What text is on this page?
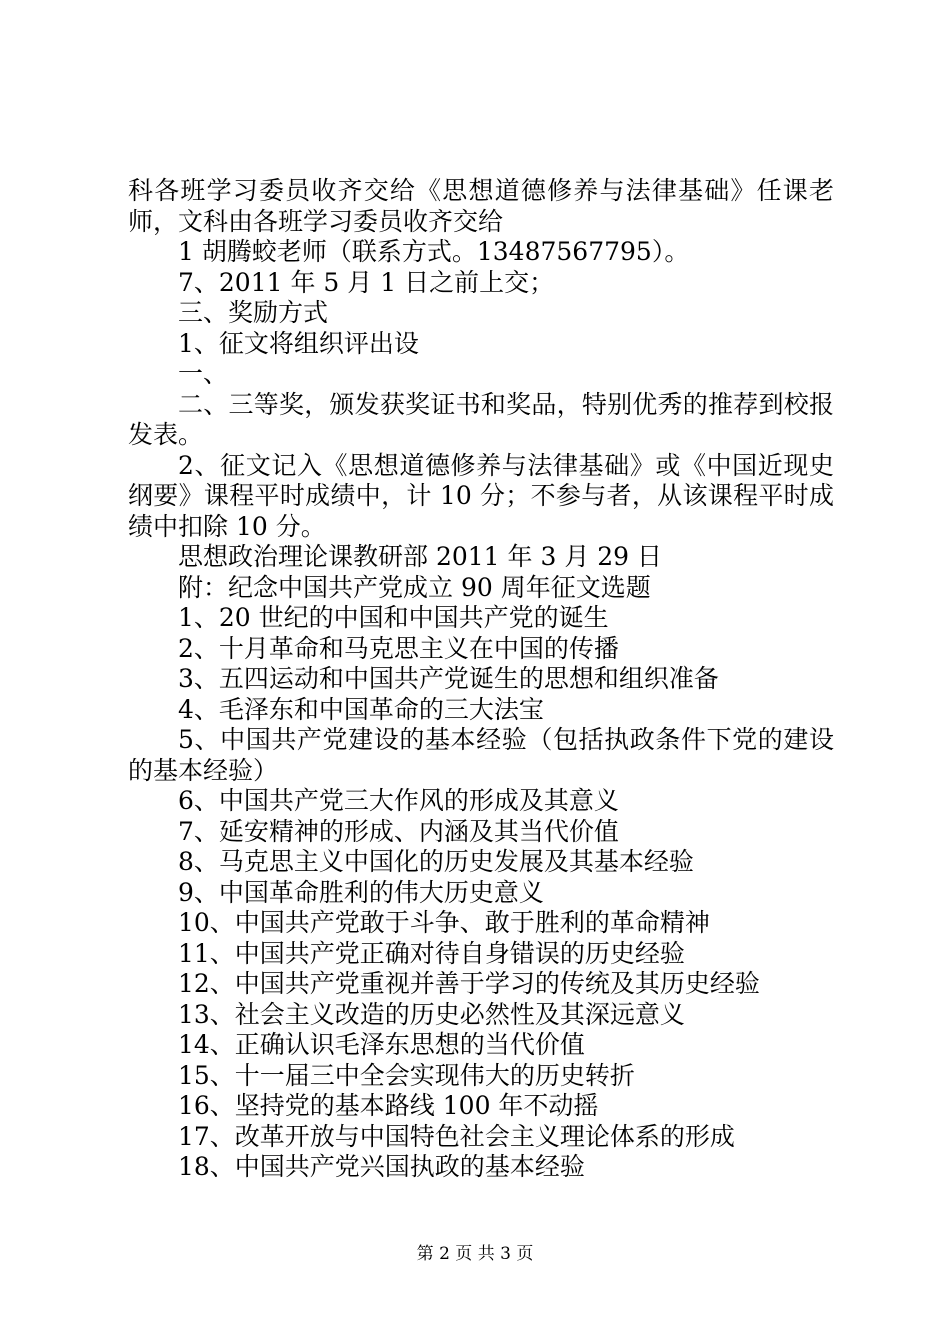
科各班学习委员收齐交给《思想道德修养与法律基础》任课老师，文科由各班学习委员收齐交给

1 胡腾蛟老师（联系方式。13487567795）。

7、2011 年 5 月 1 日之前上交；

三、奖励方式

1、征文将组织评出设

一、

二、三等奖，颁发获奖证书和奖品，特别优秀的推荐到校报发表。

2、征文记入《思想道德修养与法律基础》或《中国近现史纲要》课程平时成绩中，计 10 分；不参与者，从该课程平时成绩中扣除 10 分。

思想政治理论课教研部 2011 年 3 月 29 日

附：纪念中国共产党成立 90 周年征文选题

1、20 世纪的中国和中国共产党的诞生

2、十月革命和马克思主义在中国的传播

3、五四运动和中国共产党诞生的思想和组织准备

4、毛泽东和中国革命的三大法宝

5、中国共产党建设的基本经验（包括执政条件下党的建设的基本经验）

6、中国共产党三大作风的形成及其意义

7、延安精神的形成、内涵及其当代价值

8、马克思主义中国化的历史发展及其基本经验

9、中国革命胜利的伟大历史意义

10、中国共产党敢于斗争、敢于胜利的革命精神

11、中国共产党正确对待自身错误的历史经验

12、中国共产党重视并善于学习的传统及其历史经验

13、社会主义改造的历史必然性及其深远意义

14、正确认识毛泽东思想的当代价值

15、十一届三中全会实现伟大的历史转折

16、坚持党的基本路线 100 年不动摇

17、改革开放与中国特色社会主义理论体系的形成

18、中国共产党兴国执政的基本经验

第 2 页 共 3 页
